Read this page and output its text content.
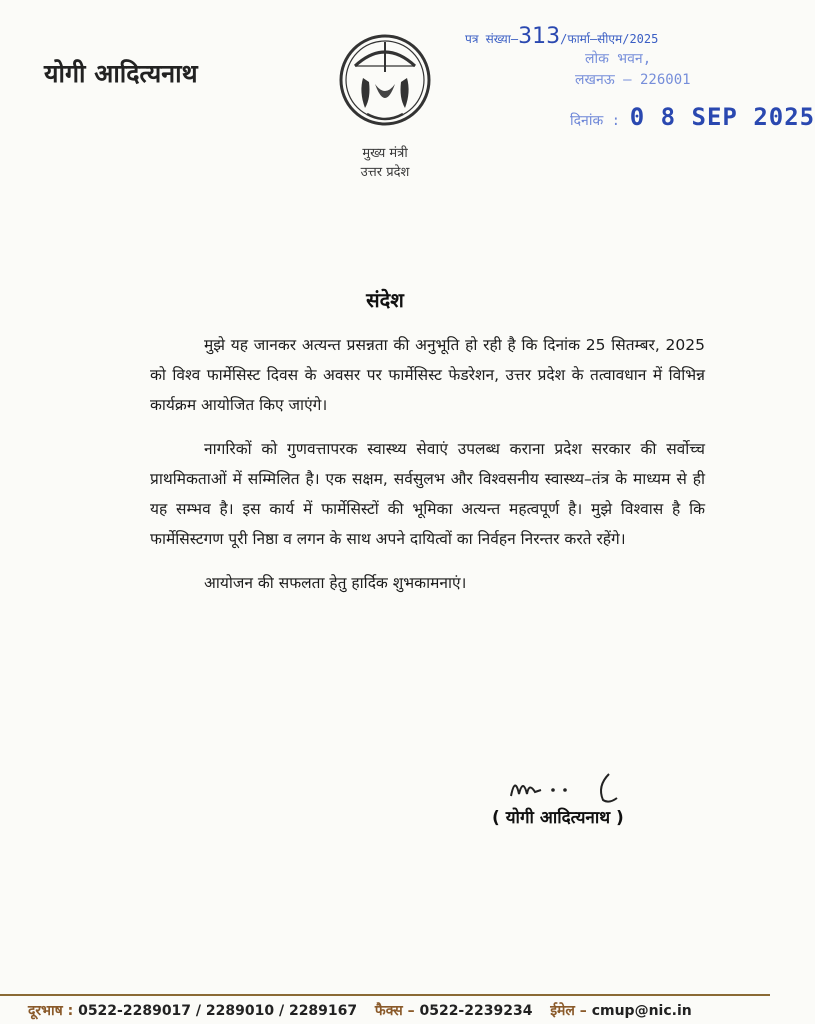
योगी आदित्यनाथ
मुख्य मंत्री
उत्तर प्रदेश
पत्र संख्या–313/फार्मा–सीएम/2025
लोक भवन,
लखनऊ – 226001
दिनांक : 0 8 SEP 2025
संदेश

मुझे यह जानकर अत्यन्त प्रसन्नता की अनुभूति हो रही है कि दिनांक 25 सितम्बर, 2025 को विश्व फार्मेसिस्ट दिवस के अवसर पर फार्मेसिस्ट फेडरेशन, उत्तर प्रदेश के तत्वावधान में विभिन्न कार्यक्रम आयोजित किए जाएंगे।

नागरिकों को गुणवत्तापरक स्वास्थ्य सेवाएं उपलब्ध कराना प्रदेश सरकार की सर्वोच्च प्राथमिकताओं में सम्मिलित है। एक सक्षम, सर्वसुलभ और विश्वसनीय स्वास्थ्य–तंत्र के माध्यम से ही यह सम्भव है। इस कार्य में फार्मेसिस्टों की भूमिका अत्यन्त महत्वपूर्ण है। मुझे विश्वास है कि फार्मेसिस्टगण पूरी निष्ठा व लगन के साथ अपने दायित्वों का निर्वहन निरन्तर करते रहेंगे।

आयोजन की सफलता हेतु हार्दिक शुभकामनाएं।

( योगी आदित्यनाथ )
दूरभाष : 0522-2289017 / 2289010 / 2289167 फैक्स – 0522-2239234 ईमेल – cmup@nic.in
